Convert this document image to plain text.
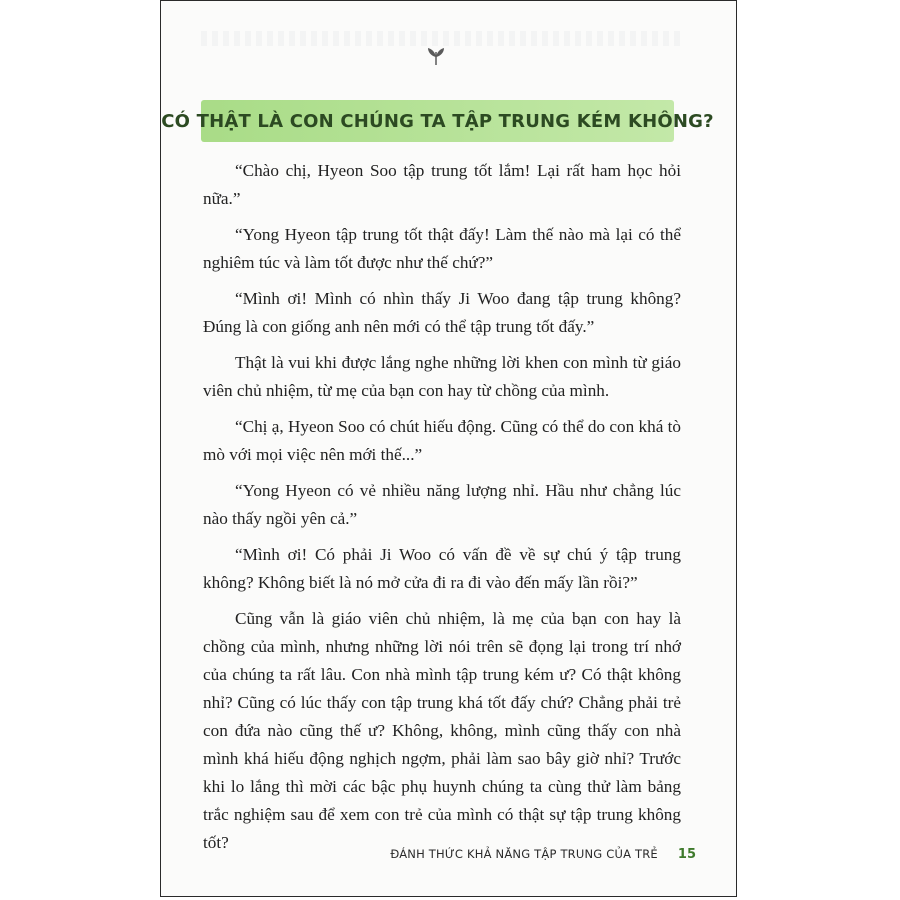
CÓ THẬT LÀ CON CHÚNG TA TẬP TRUNG KÉM KHÔNG?

“Chào chị, Hyeon Soo tập trung tốt lắm! Lại rất ham học hỏi nữa.”

“Yong Hyeon tập trung tốt thật đấy! Làm thế nào mà lại có thể nghiêm túc và làm tốt được như thế chứ?”

“Mình ơi! Mình có nhìn thấy Ji Woo đang tập trung không? Đúng là con giống anh nên mới có thể tập trung tốt đấy.”

Thật là vui khi được lắng nghe những lời khen con mình từ giáo viên chủ nhiệm, từ mẹ của bạn con hay từ chồng của mình.

“Chị ạ, Hyeon Soo có chút hiếu động. Cũng có thể do con khá tò mò với mọi việc nên mới thế...”

“Yong Hyeon có vẻ nhiều năng lượng nhỉ. Hầu như chẳng lúc nào thấy ngồi yên cả.”

“Mình ơi! Có phải Ji Woo có vấn đề về sự chú ý tập trung không? Không biết là nó mở cửa đi ra đi vào đến mấy lần rồi?”

Cũng vẫn là giáo viên chủ nhiệm, là mẹ của bạn con hay là chồng của mình, nhưng những lời nói trên sẽ đọng lại trong trí nhớ của chúng ta rất lâu. Con nhà mình tập trung kém ư? Có thật không nhỉ? Cũng có lúc thấy con tập trung khá tốt đấy chứ? Chẳng phải trẻ con đứa nào cũng thế ư? Không, không, mình cũng thấy con nhà mình khá hiếu động nghịch ngợm, phải làm sao bây giờ nhỉ? Trước khi lo lắng thì mời các bậc phụ huynh chúng ta cùng thử làm bảng trắc nghiệm sau để xem con trẻ của mình có thật sự tập trung không tốt?

ĐÁNH THỨC KHẢ NĂNG TẬP TRUNG CỦA TRẺ 15
